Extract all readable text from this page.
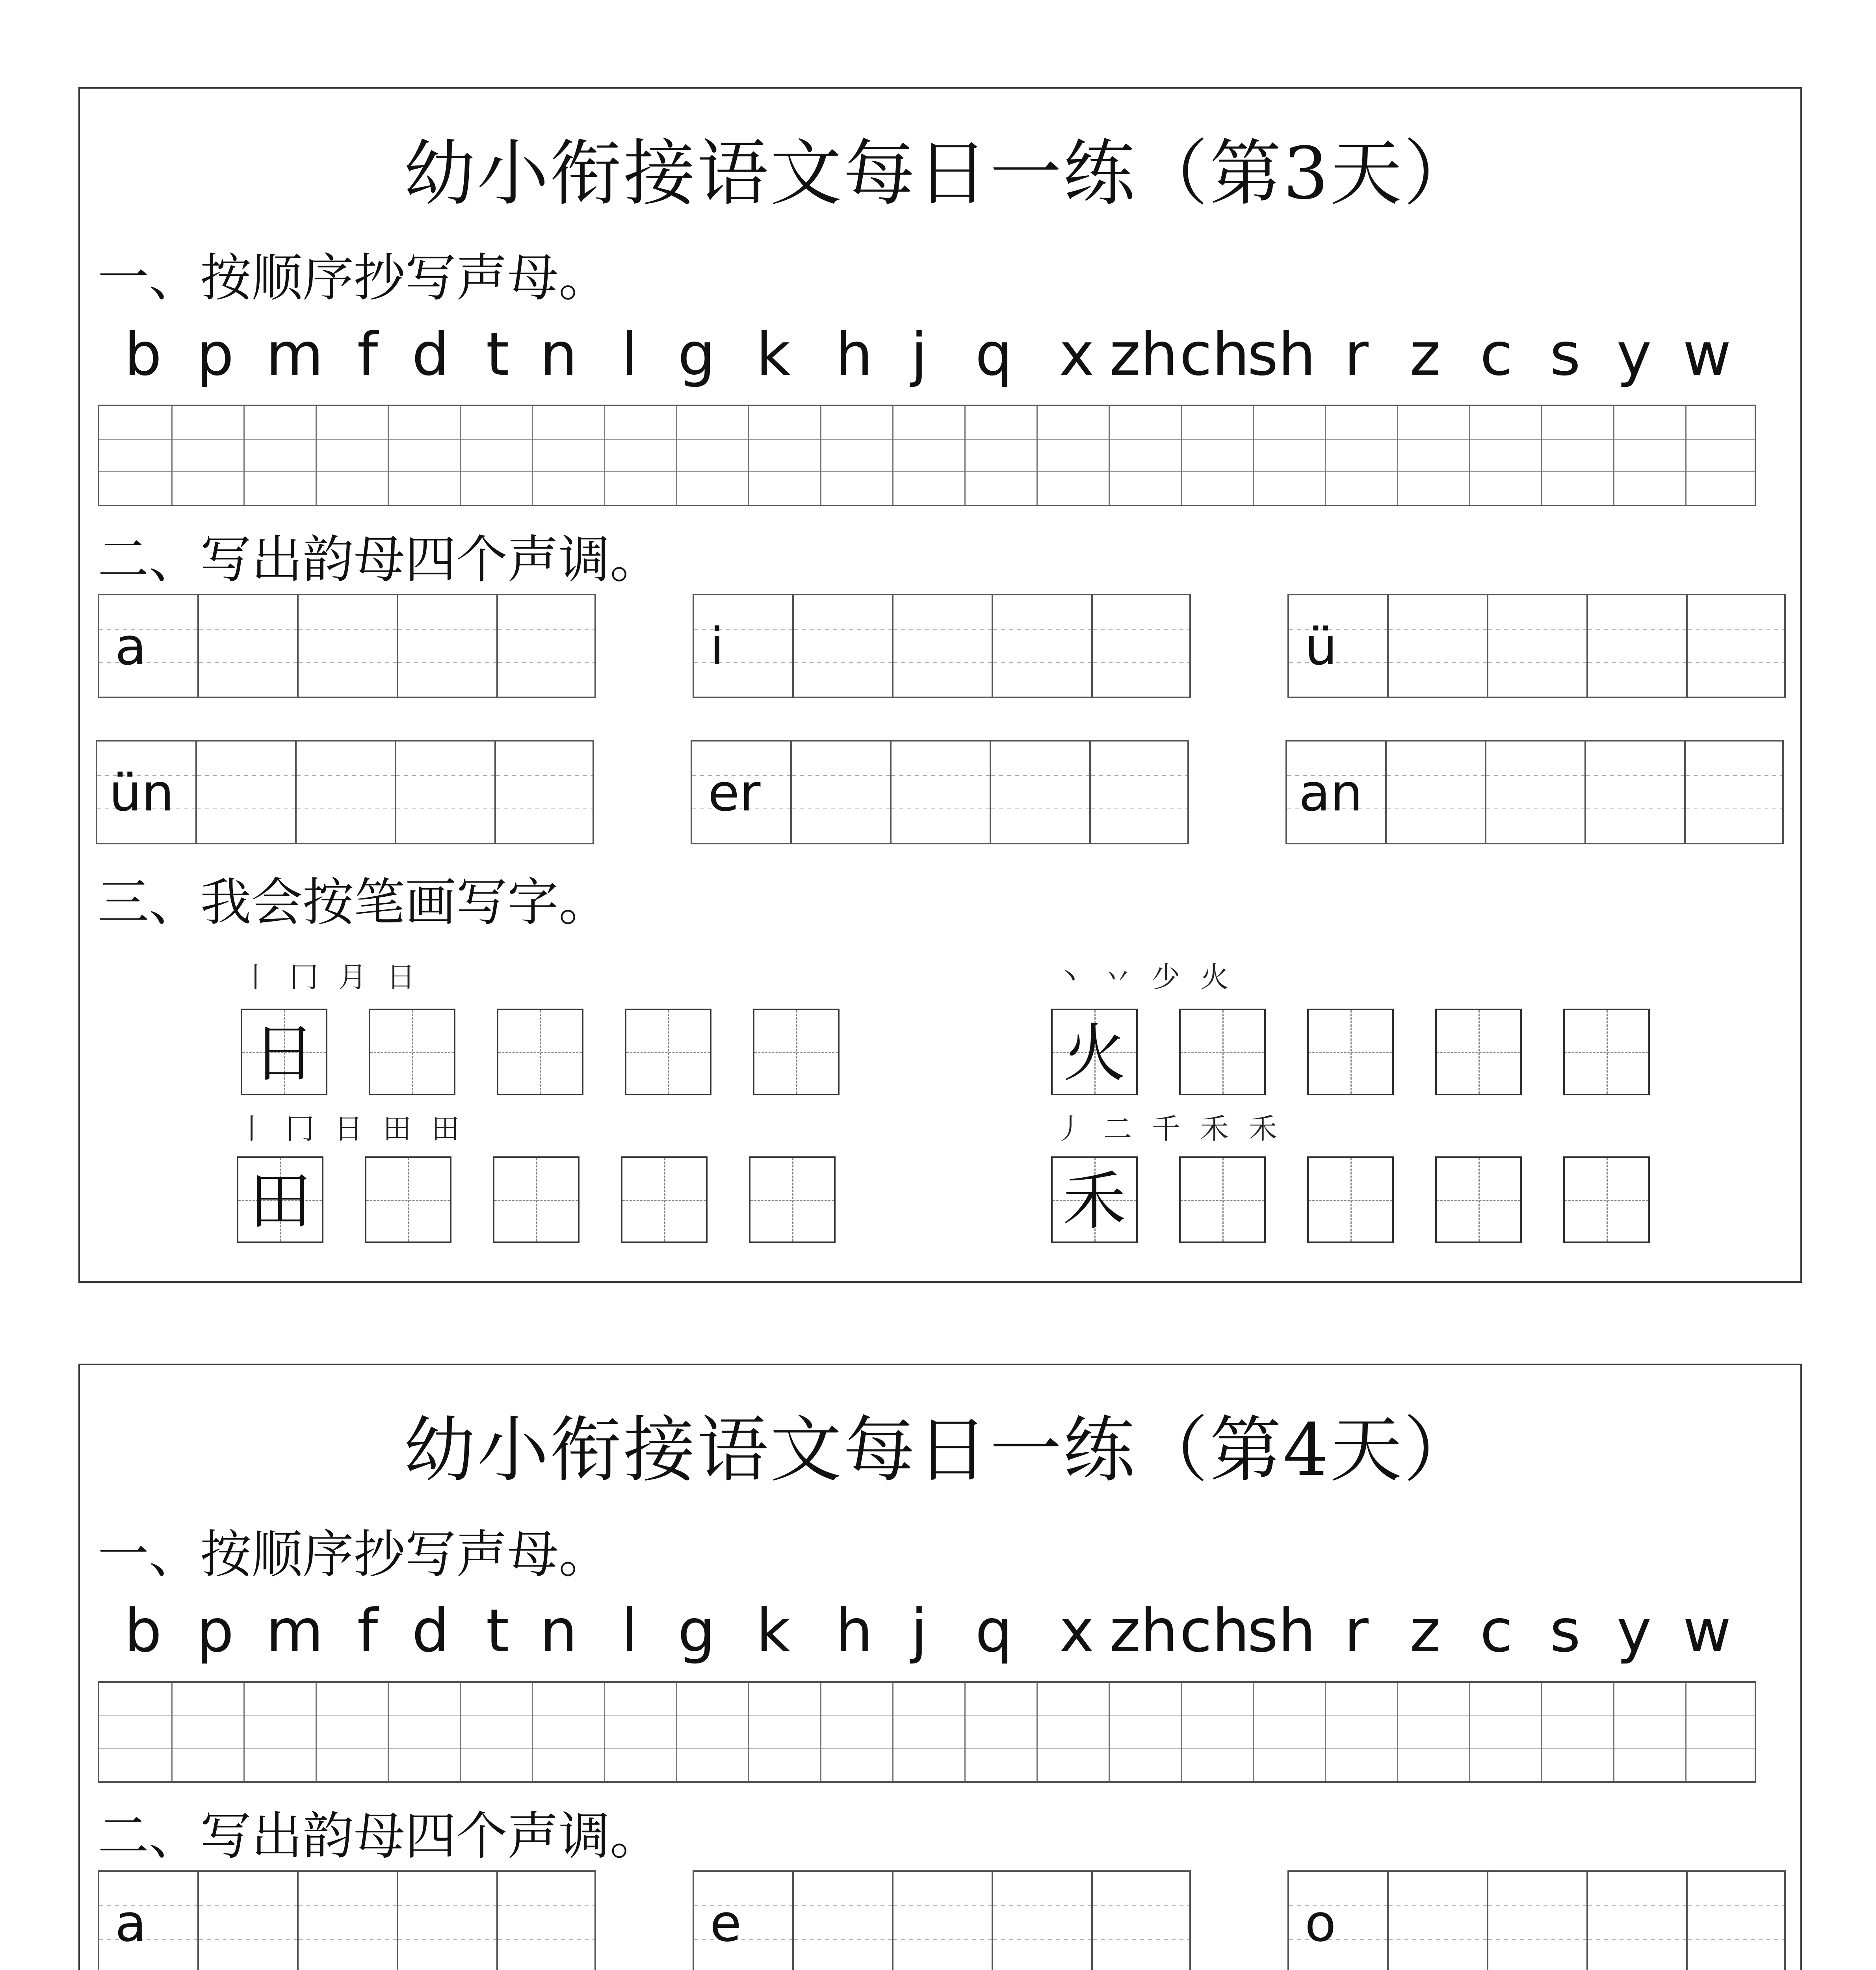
幼小衔接语文每日一练（第3天）
一、按顺序抄写声母。
b p m f d t n l g k h j q x zh ch
sh r z c s y w
二、写出韵母四个声调。
a	i	ü
ün	er	an
三、我会按笔画写字。
丨 冂 月 日
日
丶 丷 少 火
火
丨 冂 日 田 田
田
丿 二 千 禾 禾
禾
幼小衔接语文每日一练（第4天）
一、按顺序抄写声母。
b p m f d t n l g k h j q x zh ch
sh r z c s y w
二、写出韵母四个声调。
a	e	o
